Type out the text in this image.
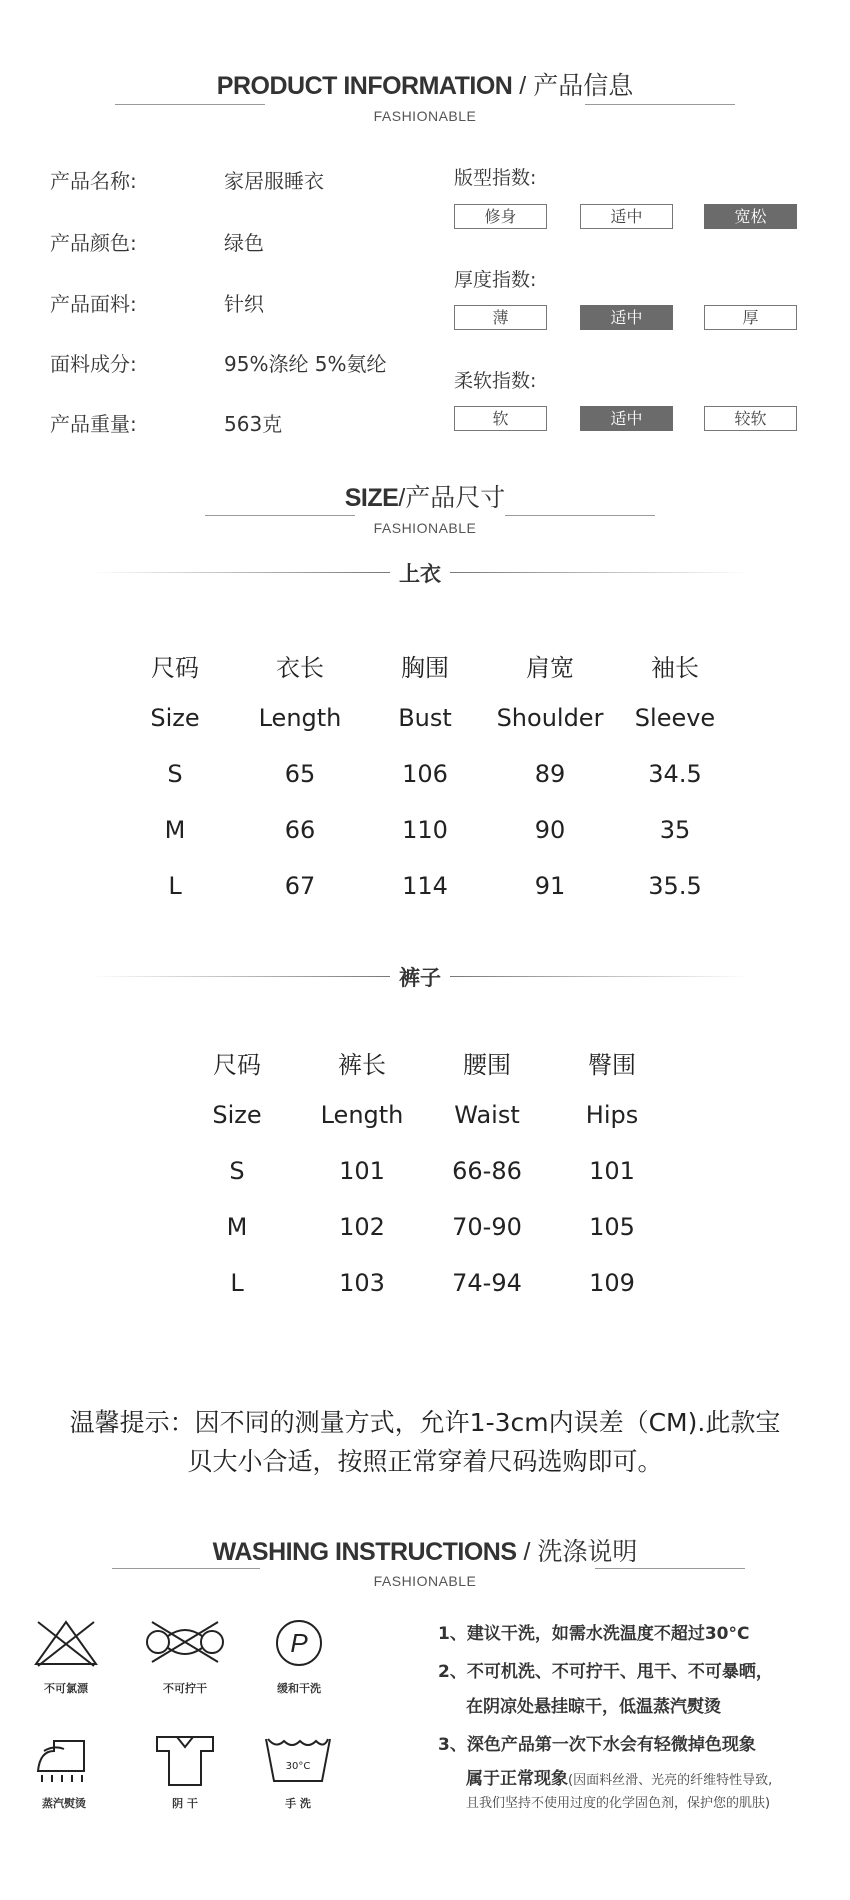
PRODUCT INFORMATION / 产品信息
FASHIONABLE
产品名称:	家居服睡衣
产品颜色:	绿色
产品面料:	针织
面料成分:	95%涤纶 5%氨纶
产品重量:	563克
版型指数:
修身	适中	宽松
厚度指数:
薄	适中	厚
柔软指数:
软	适中	较软
SIZE/产品尺寸
FASHIONABLE
上衣
尺码	衣长	胸围	肩宽	袖长
Size	Length	Bust	Shoulder	Sleeve
S	65	106	89	34.5
M	66	110	90	35
L	67	114	91	35.5
裤子
尺码	裤长	腰围	臀围
Size	Length	Waist	Hips
S	101	66-86	101
M	102	70-90	105
L	103	74-94	109
温馨提示：因不同的测量方式，允许1-3cm内误差（CM).此款宝
贝大小合适，按照正常穿着尺码选购即可。
WASHING INSTRUCTIONS / 洗涤说明
FASHIONABLE
不可氯漂	不可拧干
P
缓和干洗
蒸汽熨烫	阴 干
30°C
手 洗
1、建议干洗，如需水洗温度不超过30°C
2、不可机洗、不可拧干、甩干、不可暴晒，
在阴凉处悬挂晾干，低温蒸汽熨烫
3、深色产品第一次下水会有轻微掉色现象
属于正常现象(因面料丝滑、光亮的纤维特性导致,
且我们坚持不使用过度的化学固色剂，保护您的肌肤)
